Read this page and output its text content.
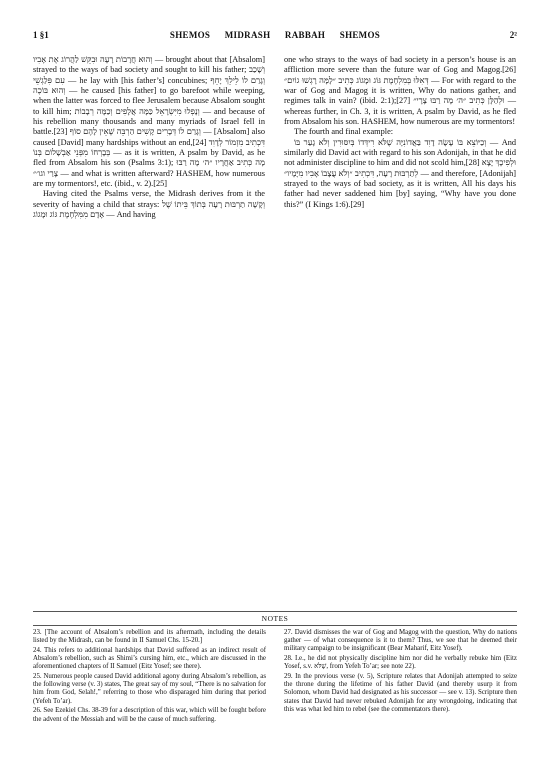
1 §1	SHEMOS MIDRASH RABBAH SHEMOS	2²

וְהוּא חֲרָבוֹת רָעָה וּבִקֵּשׁ לַהֲרוֹג אֶת אָבִיו — brought about that [Absalom] strayed to the ways of bad society and sought to kill his father; וְשָׁכַב עִם פִּלַגְשֵׁי — he lay with [his father’s] concubines; וְגָרַם לוֹ לֵילֵךְ יָחֵף וְהוּא בּוֹכֶה — he caused [his father] to go barefoot while weeping, when the latter was forced to flee Jerusalem because Absalom sought to kill him; וְנָפְלוּ מִיִּשְׂרָאֵל כַּמָּה אֲלָפִים וְכַמָּה רְבָבוֹת — and because of his rebellion many thousands and many myriads of Israel fell in battle.[23] וְגָרַם לוֹ דְּבָרִים קָשִׁים הַרְבֵּה שֶׁאֵין לָהֶם סוֹף — [Absalom] also caused [David] many hardships without an end,[24] דִּכְתִיב מִזְמוֹר לְדָוִד בְּבָרְחוֹ מִפְּנֵי אַבְשָׁלוֹם בְּנוֹ — as it is written, A psalm by David, as he fled from Absalom his son (Psalms 3:1); מָה כְּתִיב אַחֲרָיו ״ה׳ מָה רַבּוּ צָרַי וגו׳״ — and what is written afterward? HASHEM, how numerous are my tormentors!, etc. (ibid., v. 2).[25]

Having cited the Psalms verse, the Midrash derives from it the severity of having a child that strays: וְקָשָׁה תַרְבּוּת רָעָה בְּתוֹךְ בֵּיתוֹ שֶׁל אָדָם מִמִּלְחֶמֶת גּוֹג וּמָגוֹג — And having

one who strays to the ways of bad society in a person’s house is an affliction more severe than the future war of Gog and Magog.[26] דְּאִלּוּ בְּמִלְחֶמֶת גּוֹג וּמָגוֹג כְּתִיב ״לָמָּה רָגְשׁוּ גוֹיִם״ — For with regard to the war of Gog and Magog it is written, Why do nations gather, and regimes talk in vain? (ibid. 2:1);[27] וּלְהַלָּן כְּתִיב ״ה׳ מָה רַבּוּ צָרָי״ — whereas further, in Ch. 3, it is written, A psalm by David, as he fled from Absalom his son. HASHEM, how numerous are my tormentors!

The fourth and final example:

וְכַיּוֹצֵא בּוֹ עָשָׂה דָוִד בַּאֲדוֹנִיָּה שֶׁלֹּא רִידְּדוֹ בְּיִסּוּרִין וְלֹא גָעַר בּוֹ — And similarly did David act with regard to his son Adonijah, in that he did not administer discipline to him and did not scold him,[28] וּלְפִיכָךְ יָצָא לְתַרְבּוּת רָעָה, דִּכְתִיב ״וְלֹא עֲצָבוֹ אָבִיו מִיָּמָיו״ — and therefore, [Adonijah] strayed to the ways of bad society, as it is written, All his days his father had never saddened him [by] saying, “Why have you done this?” (I Kings 1:6).[29]

NOTES

23. [The account of Absalom’s rebellion and its aftermath, including the details listed by the Midrash, can be found in II Samuel Chs. 15-20.]

24. This refers to additional hardships that David suffered as an indirect result of Absalom’s rebellion, such as Shimi’s cursing him, etc., which are discussed in the aforementioned chapters of II Samuel (Eitz Yosef; see there).

25. Numerous people caused David additional agony during Absalom’s rebellion, as the following verse (v. 3) states, The great say of my soul, “There is no salvation for him from God, Selah!,” referring to those who disparaged him during that period (Yefeh To’ar).

26. See Ezekiel Chs. 38-39 for a description of this war, which will be fought before the advent of the Messiah and will be the cause of much suffering.

27. David dismisses the war of Gog and Magog with the question, Why do nations gather — of what consequence is it to them? Thus, we see that he deemed their military campaign to be insignificant (Bear Maharif, Eitz Yosef).

28. I.e., he did not physically discipline him nor did he verbally rebuke him (Eitz Yosef, s.v. שֶׁלֹּא, from Yefeh To’ar; see note 22).

29. In the previous verse (v. 5), Scripture relates that Adonijah attempted to seize the throne during the lifetime of his father David (and thereby usurp it from Solomon, whom David had designated as his successor — see v. 13). Scripture then states that David had never rebuked Adonijah for any wrongdoing, indicating that this was what led him to rebel (see the commentators there).
